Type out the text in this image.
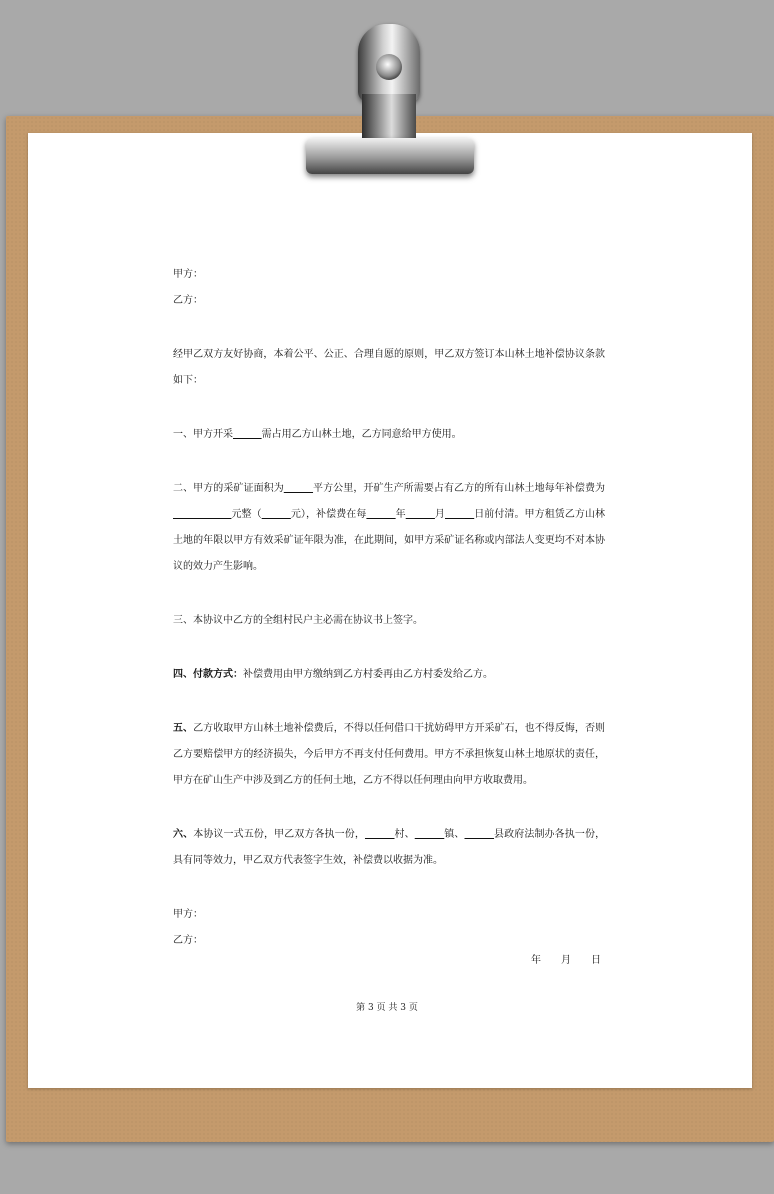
甲方：

乙方：

经甲乙双方友好协商，本着公平、公正、合理自愿的原则，甲乙双方签订本山林土地补偿协议条款如下：

一、甲方开采	需占用乙方山林土地，乙方同意给甲方使用。

二、甲方的采矿证面积为	平方公里，开矿生产所需要占有乙方的所有山林土地每年补偿费为                  元整（	元），补偿费在每	年	月	日前付清。甲方租赁乙方山林土地的年限以甲方有效采矿证年限为准，在此期间，如甲方采矿证名称或内部法人变更均不对本协议的效力产生影响。

三、本协议中乙方的全组村民户主必需在协议书上签字。

四、付款方式：补偿费用由甲方缴纳到乙方村委再由乙方村委发给乙方。

五、乙方收取甲方山林土地补偿费后，不得以任何借口干扰妨碍甲方开采矿石，也不得反悔，否则乙方要赔偿甲方的经济损失，今后甲方不再支付任何费用。甲方不承担恢复山林土地原状的责任，甲方在矿山生产中涉及到乙方的任何土地，乙方不得以任何理由向甲方收取费用。

六、本协议一式五份，甲乙双方各执一份，	村、	镇、	县政府法制办各执一份，具有同等效力，甲乙双方代表签字生效，补偿费以收据为准。

甲方：

乙方：

年　　月　　日

第 3 页 共 3 页
